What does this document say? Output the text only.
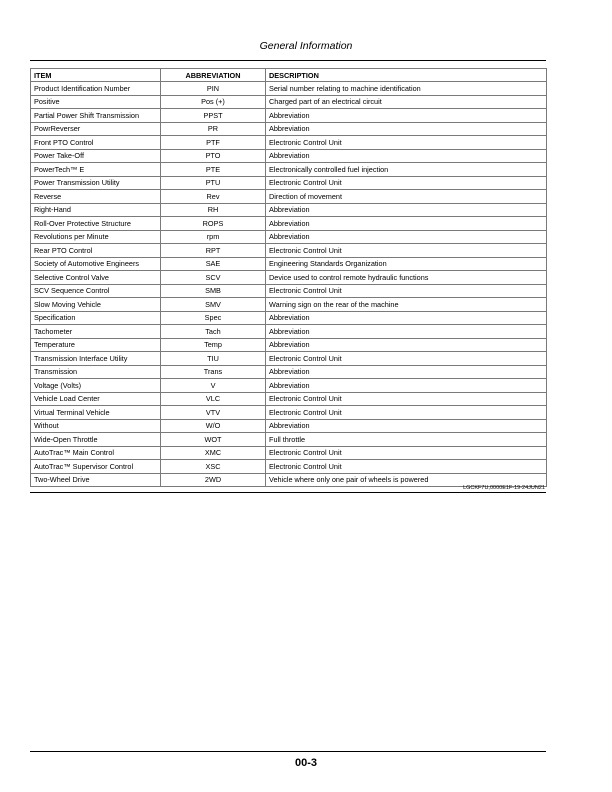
General Information
ITEM	ABBREVIATION	DESCRIPTION
Product Identification Number	PIN	Serial number relating to machine identification
Positive	Pos (+)	Charged part of an electrical circuit
Partial Power Shift Transmission	PPST	Abbreviation
PowrReverser	PR	Abbreviation
Front PTO Control	PTF	Electronic Control Unit
Power Take-Off	PTO	Abbreviation
PowerTech™ E	PTE	Electronically controlled fuel injection
Power Transmission Utility	PTU	Electronic Control Unit
Reverse	Rev	Direction of movement
Right-Hand	RH	Abbreviation
Roll-Over Protective Structure	ROPS	Abbreviation
Revolutions per Minute	rpm	Abbreviation
Rear PTO Control	RPT	Electronic Control Unit
Society of Automotive Engineers	SAE	Engineering Standards Organization
Selective Control Valve	SCV	Device used to control remote hydraulic functions
SCV Sequence Control	SMB	Electronic Control Unit
Slow Moving Vehicle	SMV	Warning sign on the rear of the machine
Specification	Spec	Abbreviation
Tachometer	Tach	Abbreviation
Temperature	Temp	Abbreviation
Transmission Interface Utility	TIU	Electronic Control Unit
Transmission	Trans	Abbreviation
Voltage (Volts)	V	Abbreviation
Vehicle Load Center	VLC	Electronic Control Unit
Virtual Terminal Vehicle	VTV	Electronic Control Unit
Without	W/O	Abbreviation
Wide-Open Throttle	WOT	Full throttle
AutoTrac™ Main Control	XMC	Electronic Control Unit
AutoTrac™ Supervisor Control	XSC	Electronic Control Unit
Two-Wheel Drive	2WD	Vehicle where only one pair of wheels is powered
LGCKF7U,0000E1F-19-24JUN21
00-3
